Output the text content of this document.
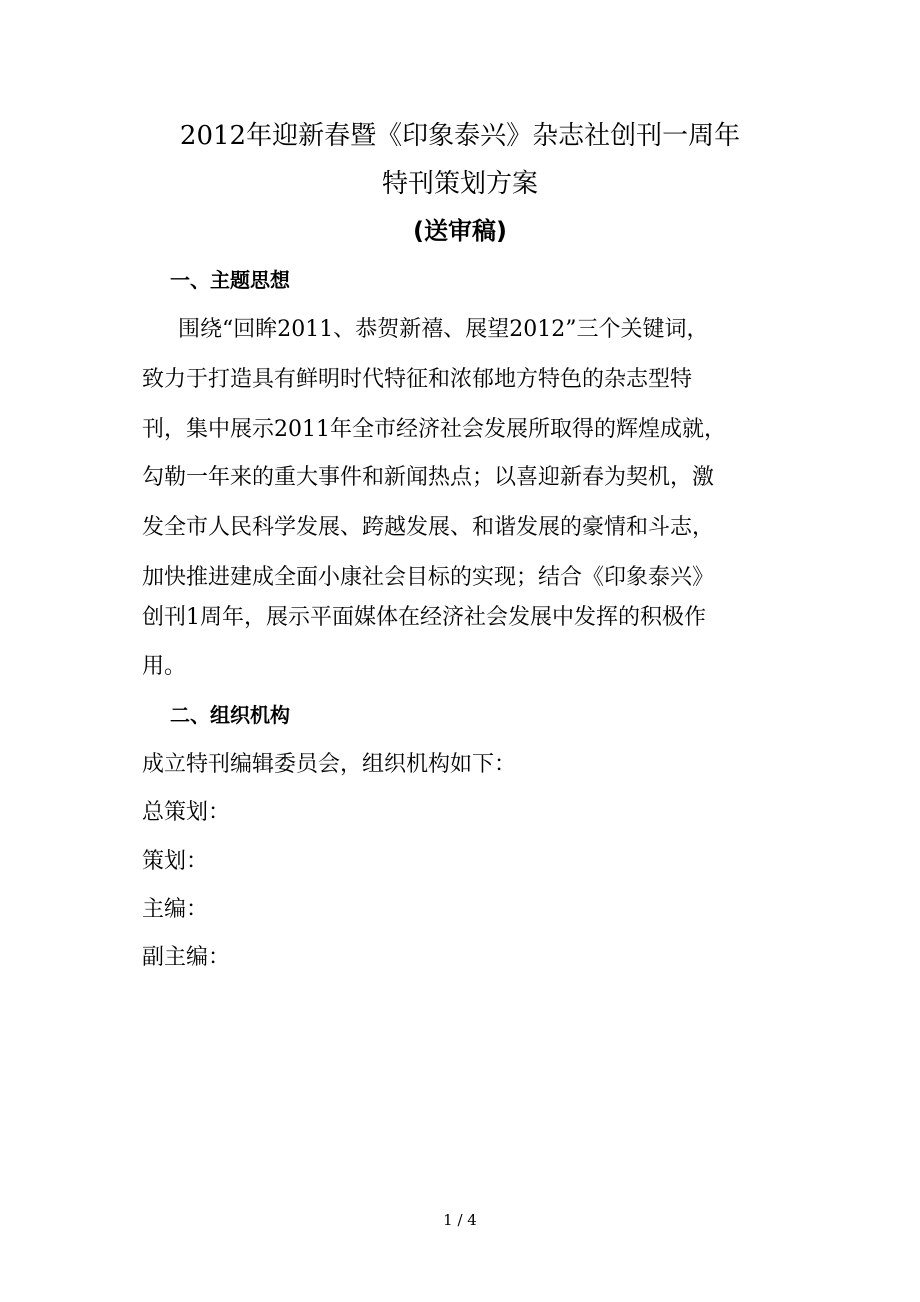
2012年迎新春暨《印象泰兴》杂志社创刊一周年
特刊策划方案
(送审稿)
一、主题思想
围绕“回眸2011、恭贺新禧、展望2012”三个关键词，
致力于打造具有鲜明时代特征和浓郁地方特色的杂志型特
刊，集中展示2011年全市经济社会发展所取得的辉煌成就，
勾勒一年来的重大事件和新闻热点；以喜迎新春为契机，激
发全市人民科学发展、跨越发展、和谐发展的豪情和斗志，
加快推进建成全面小康社会目标的实现；结合《印象泰兴》
创刊1周年，展示平面媒体在经济社会发展中发挥的积极作
用。
二、组织机构
成立特刊编辑委员会，组织机构如下：
总策划：
策划：
主编：
副主编：
1 / 4
